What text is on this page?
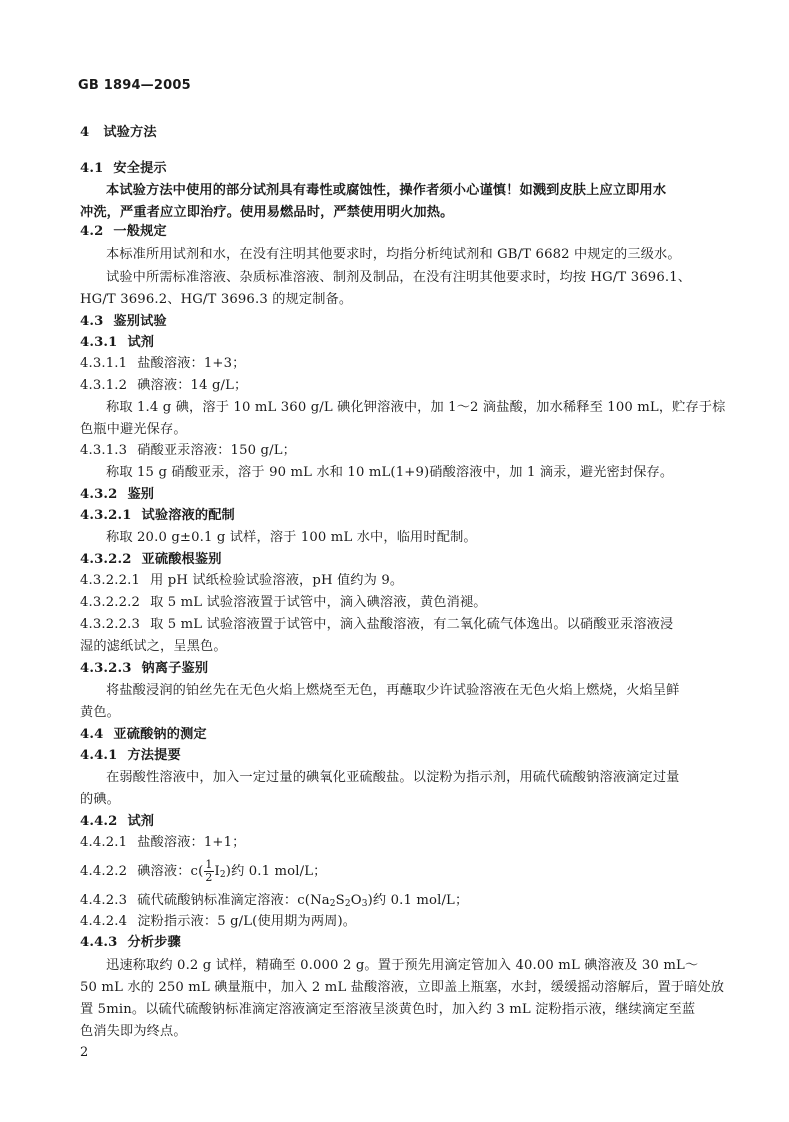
GB 1894—2005
4 试验方法
4.1 安全提示
本试验方法中使用的部分试剂具有毒性或腐蚀性，操作者须小心谨慎！如溅到皮肤上应立即用水
冲洗，严重者应立即治疗。使用易燃品时，严禁使用明火加热。
4.2 一般规定
本标准所用试剂和水，在没有注明其他要求时，均指分析纯试剂和 GB/T 6682 中规定的三级水。
试验中所需标准溶液、杂质标准溶液、制剂及制品，在没有注明其他要求时，均按 HG/T 3696.1、
HG/T 3696.2、HG/T 3696.3 的规定制备。
4.3 鉴别试验
4.3.1 试剂
4.3.1.1 盐酸溶液：1+3；
4.3.1.2 碘溶液：14 g/L；
称取 1.4 g 碘，溶于 10 mL 360 g/L 碘化钾溶液中，加 1～2 滴盐酸，加水稀释至 100 mL，贮存于棕
色瓶中避光保存。
4.3.1.3 硝酸亚汞溶液：150 g/L；
称取 15 g 硝酸亚汞，溶于 90 mL 水和 10 mL(1+9)硝酸溶液中，加 1 滴汞，避光密封保存。
4.3.2 鉴别
4.3.2.1 试验溶液的配制
称取 20.0 g±0.1 g 试样，溶于 100 mL 水中，临用时配制。
4.3.2.2 亚硫酸根鉴别
4.3.2.2.1 用 pH 试纸检验试验溶液，pH 值约为 9。
4.3.2.2.2 取 5 mL 试验溶液置于试管中，滴入碘溶液，黄色消褪。
4.3.2.2.3 取 5 mL 试验溶液置于试管中，滴入盐酸溶液，有二氧化硫气体逸出。以硝酸亚汞溶液浸
湿的滤纸试之，呈黑色。
4.3.2.3 钠离子鉴别
将盐酸浸润的铂丝先在无色火焰上燃烧至无色，再蘸取少许试验溶液在无色火焰上燃烧，火焰呈鲜
黄色。
4.4 亚硫酸钠的测定
4.4.1 方法提要
在弱酸性溶液中，加入一定过量的碘氧化亚硫酸盐。以淀粉为指示剂，用硫代硫酸钠溶液滴定过量
的碘。
4.4.2 试剂
4.4.2.1 盐酸溶液：1+1；
4.4.2.2 碘溶液：$c( \frac{1}{2} I_2)$约 0.1 mol/L；
4.4.2.3 硫代硫酸钠标准滴定溶液：$c(Na_2S_2O_3)$约 0.1 mol/L；
4.4.2.4 淀粉指示液：5 g/L(使用期为两周)。
4.4.3 分析步骤
迅速称取约 0.2 g 试样，精确至 0.000 2 g。置于预先用滴定管加入 40.00 mL 碘溶液及 30 mL～
50 mL 水的 250 mL 碘量瓶中，加入 2 mL 盐酸溶液，立即盖上瓶塞，水封，缓缓摇动溶解后，置于暗处放
置 5min。以硫代硫酸钠标准滴定溶液滴定至溶液呈淡黄色时，加入约 3 mL 淀粉指示液，继续滴定至蓝
色消失即为终点。
2
